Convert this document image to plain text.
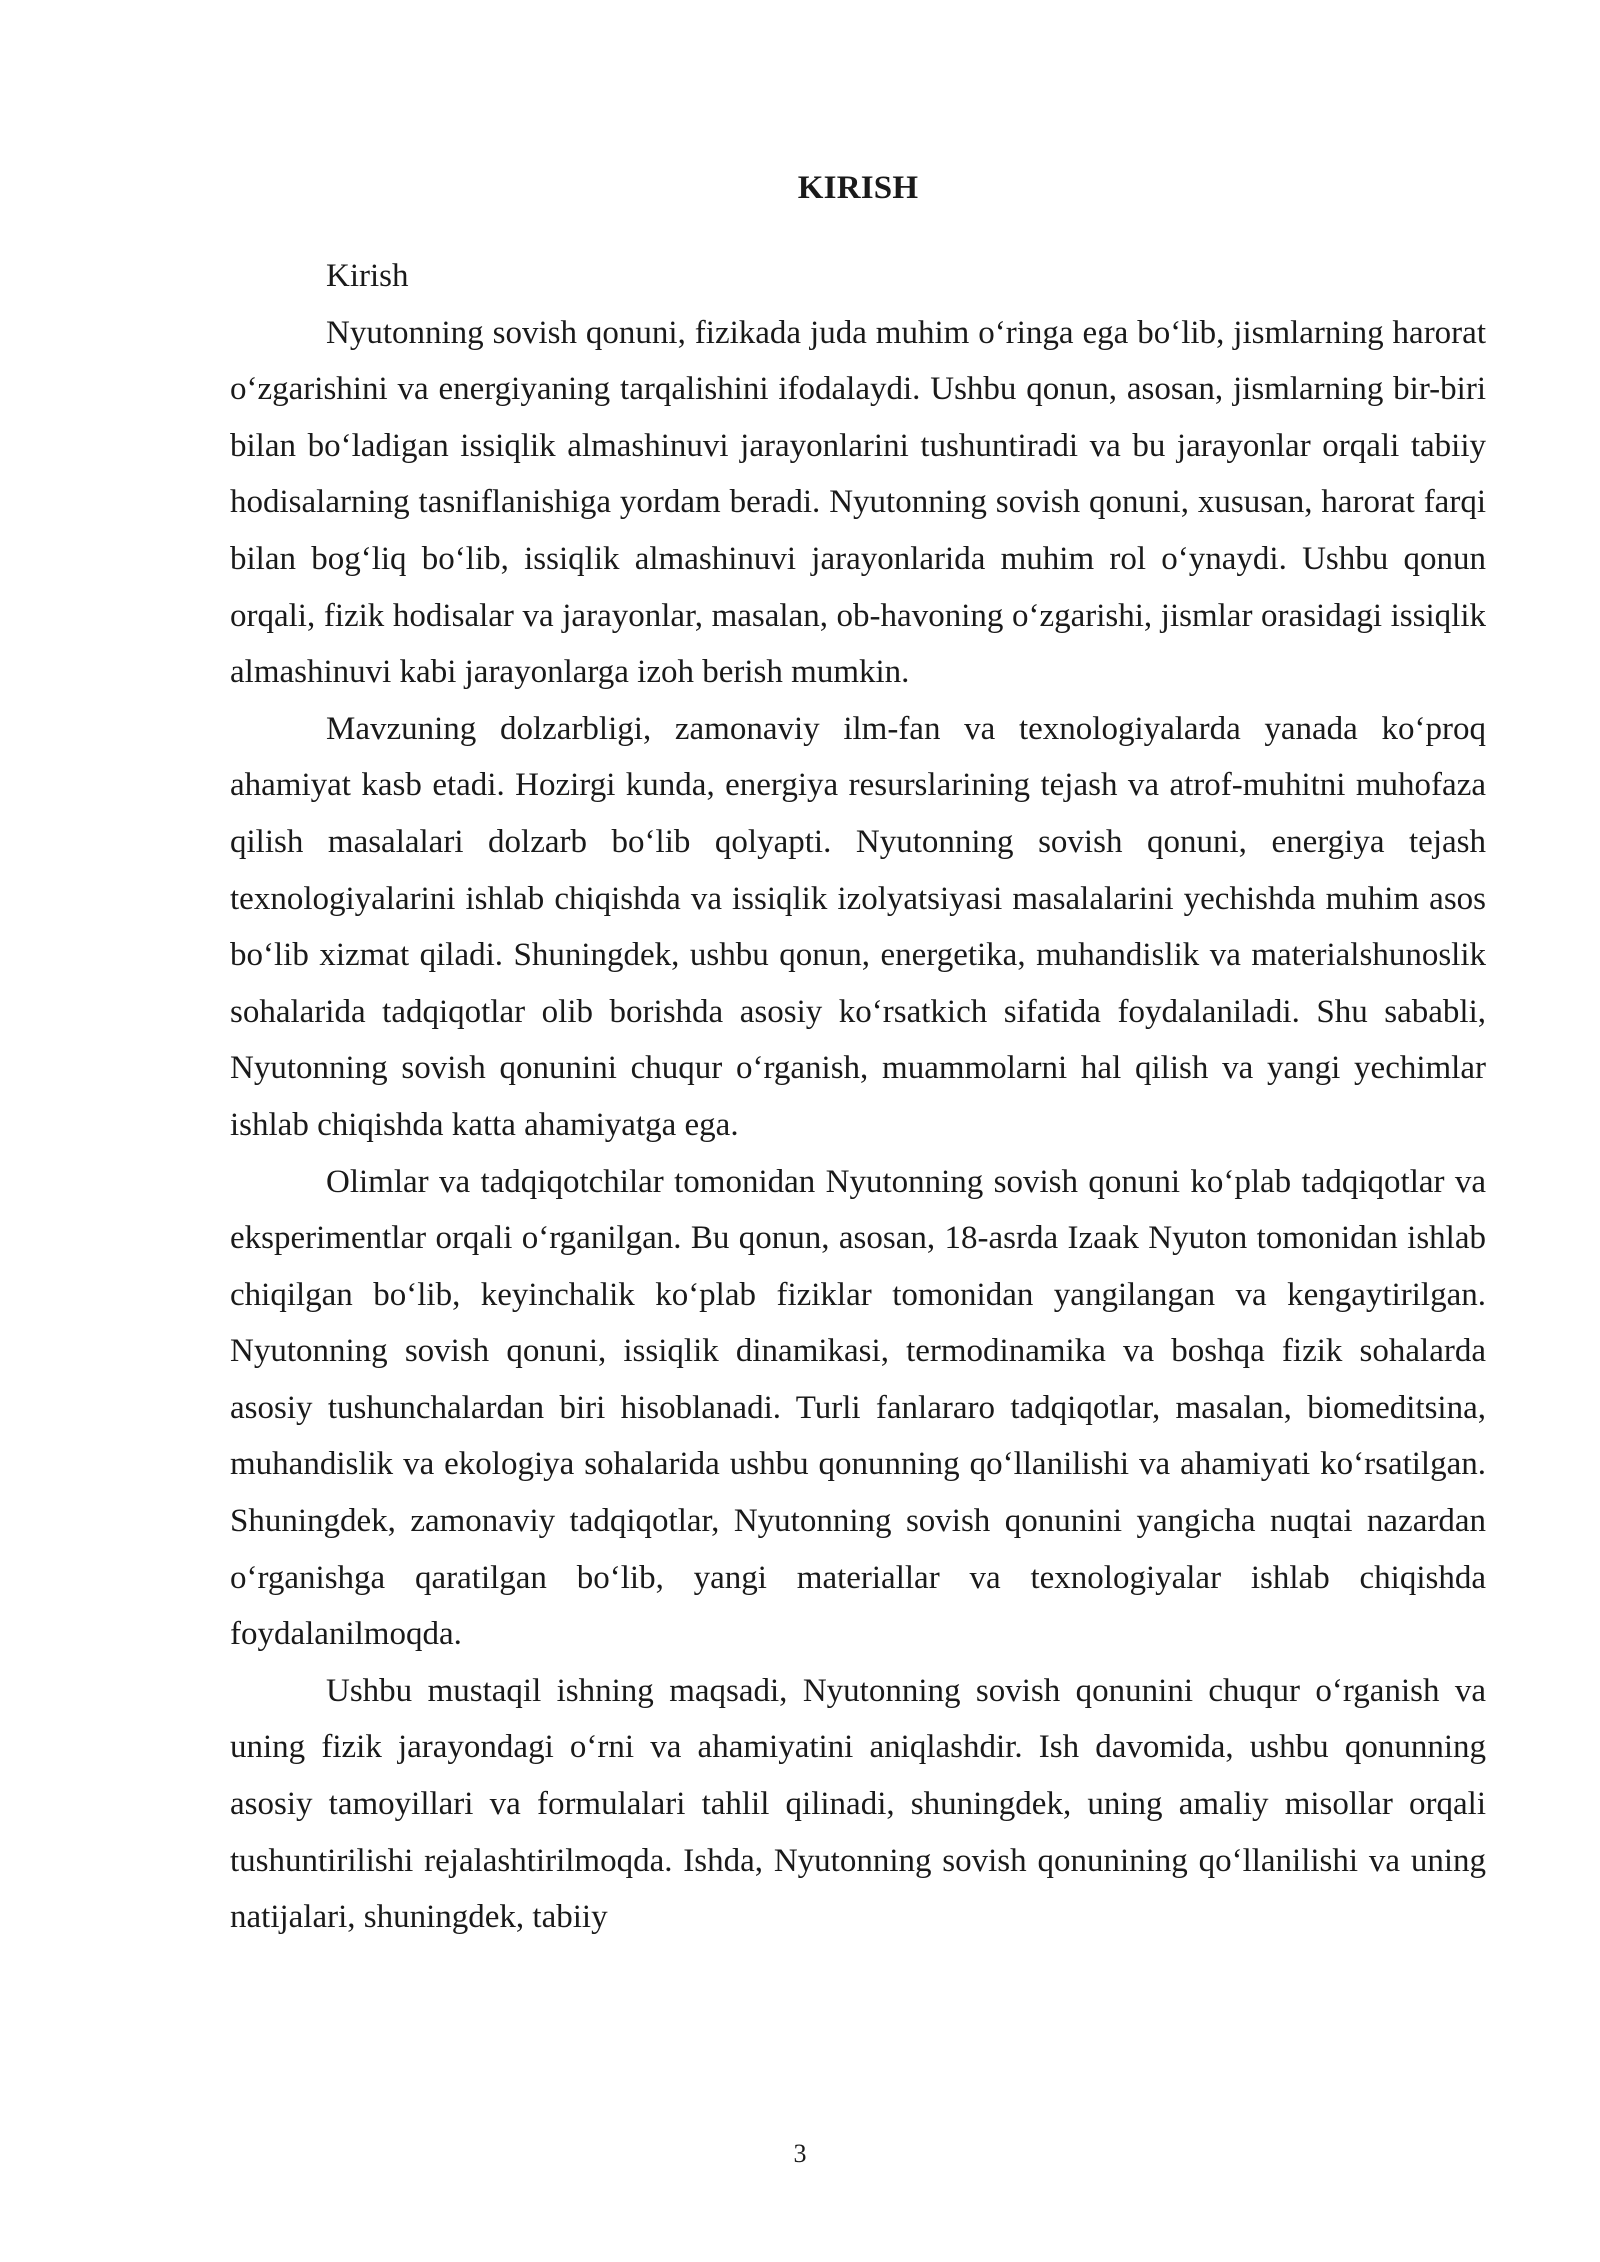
KIRISH

Kirish

Nyutonning sovish qonuni, fizikada juda muhim o‘ringa ega bo‘lib, jismlarning harorat o‘zgarishini va energiyaning tarqalishini ifodalaydi. Ushbu qonun, asosan, jismlarning bir-biri bilan bo‘ladigan issiqlik almashinuvi jarayonlarini tushuntiradi va bu jarayonlar orqali tabiiy hodisalarning tasniflanishiga yordam beradi. Nyutonning sovish qonuni, xususan, harorat farqi bilan bog‘liq bo‘lib, issiqlik almashinuvi jarayonlarida muhim rol o‘ynaydi. Ushbu qonun orqali, fizik hodisalar va jarayonlar, masalan, ob-havoning o‘zgarishi, jismlar orasidagi issiqlik almashinuvi kabi jarayonlarga izoh berish mumkin.

Mavzuning dolzarbligi, zamonaviy ilm-fan va texnologiyalarda yanada ko‘proq ahamiyat kasb etadi. Hozirgi kunda, energiya resurslarining tejash va atrof-muhitni muhofaza qilish masalalari dolzarb bo‘lib qolyapti. Nyutonning sovish qonuni, energiya tejash texnologiyalarini ishlab chiqishda va issiqlik izolyatsiyasi masalalarini yechishda muhim asos bo‘lib xizmat qiladi. Shuningdek, ushbu qonun, energetika, muhandislik va materialshunoslik sohalarida tadqiqotlar olib borishda asosiy ko‘rsatkich sifatida foydalaniladi. Shu sababli, Nyutonning sovish qonunini chuqur o‘rganish, muammolarni hal qilish va yangi yechimlar ishlab chiqishda katta ahamiyatga ega.

Olimlar va tadqiqotchilar tomonidan Nyutonning sovish qonuni ko‘plab tadqiqotlar va eksperimentlar orqali o‘rganilgan. Bu qonun, asosan, 18-asrda Izaak Nyuton tomonidan ishlab chiqilgan bo‘lib, keyinchalik ko‘plab fiziklar tomonidan yangilangan va kengaytirilgan. Nyutonning sovish qonuni, issiqlik dinamikasi, termodinamika va boshqa fizik sohalarda asosiy tushunchalardan biri hisoblanadi. Turli fanlararo tadqiqotlar, masalan, biomeditsina, muhandislik va ekologiya sohalarida ushbu qonunning qo‘llanilishi va ahamiyati ko‘rsatilgan. Shuningdek, zamonaviy tadqiqotlar, Nyutonning sovish qonunini yangicha nuqtai nazardan o‘rganishga qaratilgan bo‘lib, yangi materiallar va texnologiyalar ishlab chiqishda foydalanilmoqda.

Ushbu mustaqil ishning maqsadi, Nyutonning sovish qonunini chuqur o‘rganish va uning fizik jarayondagi o‘rni va ahamiyatini aniqlashdir. Ish davomida, ushbu qonunning asosiy tamoyillari va formulalari tahlil qilinadi, shuningdek, uning amaliy misollar orqali tushuntirilishi rejalashtirilmoqda. Ishda, Nyutonning sovish qonunining qo‘llanilishi va uning natijalari, shuningdek, tabiiy

3
